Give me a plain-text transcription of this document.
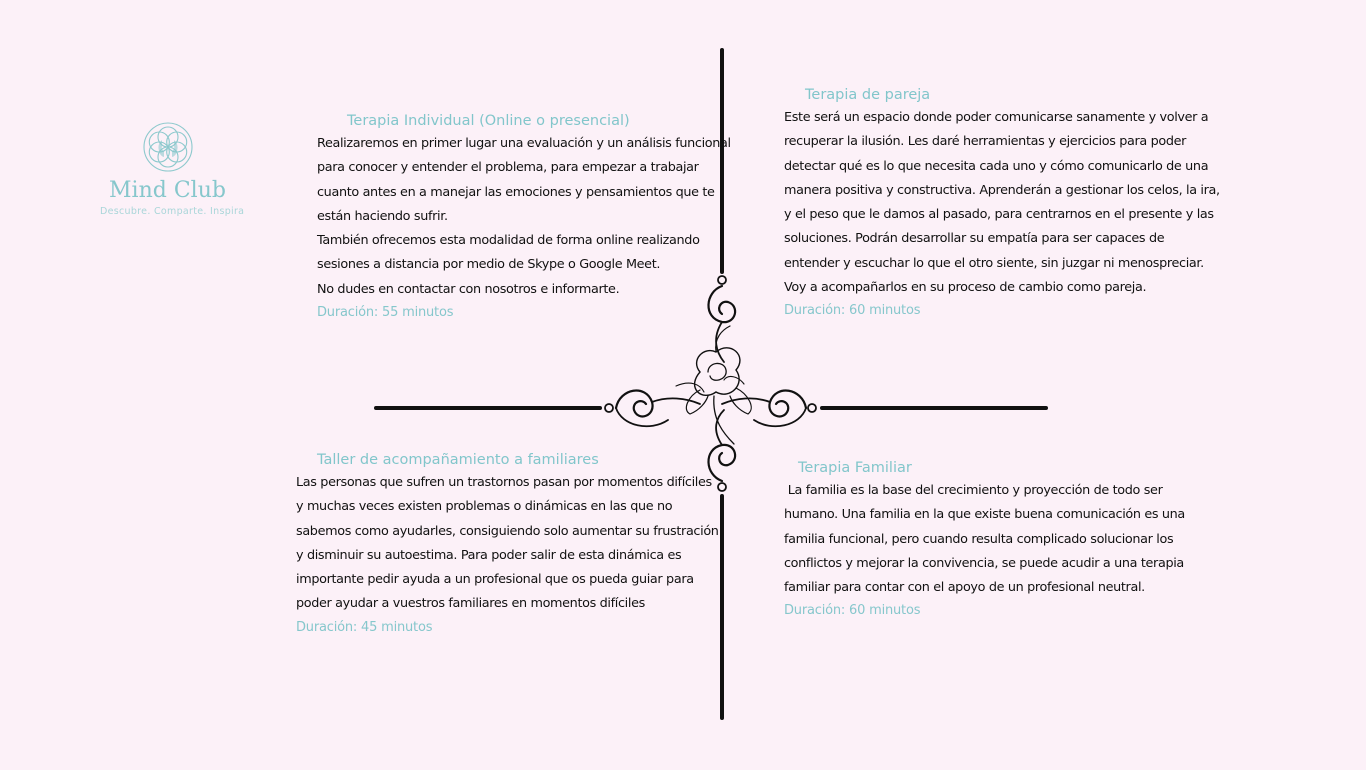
Mind Club
Descubre. Comparte. Inspira
Terapia Individual (Online o presencial)

Realizaremos en primer lugar una evaluación y un análisis funcional

para conocer y entender el problema, para empezar a trabajar

cuanto antes en a manejar las emociones y pensamientos que te

están haciendo sufrir.

También ofrecemos esta modalidad de forma online realizando

sesiones a distancia por medio de Skype o Google Meet.

No dudes en contactar con nosotros e informarte.

Duración: 55 minutos
Terapia de pareja

Este será un espacio donde poder comunicarse sanamente y volver a

recuperar la ilusión. Les daré herramientas y ejercicios para poder

detectar qué es lo que necesita cada uno y cómo comunicarlo de una

manera positiva y constructiva. Aprenderán a gestionar los celos, la ira,

y el peso que le damos al pasado, para centrarnos en el presente y las

soluciones. Podrán desarrollar su empatía para ser capaces de

entender y escuchar lo que el otro siente, sin juzgar ni menospreciar.

Voy a acompañarlos en su proceso de cambio como pareja.

Duración: 60 minutos
Taller de acompañamiento a familiares

Las personas que sufren un trastornos pasan por momentos difíciles

y muchas veces existen problemas o dinámicas en las que no

sabemos como ayudarles, consiguiendo solo aumentar su frustración

y disminuir su autoestima. Para poder salir de esta dinámica es

importante pedir ayuda a un profesional que os pueda guiar para

poder ayudar a vuestros familiares en momentos difíciles

Duración: 45 minutos
Terapia Familiar

La familia es la base del crecimiento y proyección de todo ser

humano. Una familia en la que existe buena comunicación es una

familia funcional, pero cuando resulta complicado solucionar los

conflictos y mejorar la convivencia, se puede acudir a una terapia

familiar para contar con el apoyo de un profesional neutral.

Duración: 60 minutos
